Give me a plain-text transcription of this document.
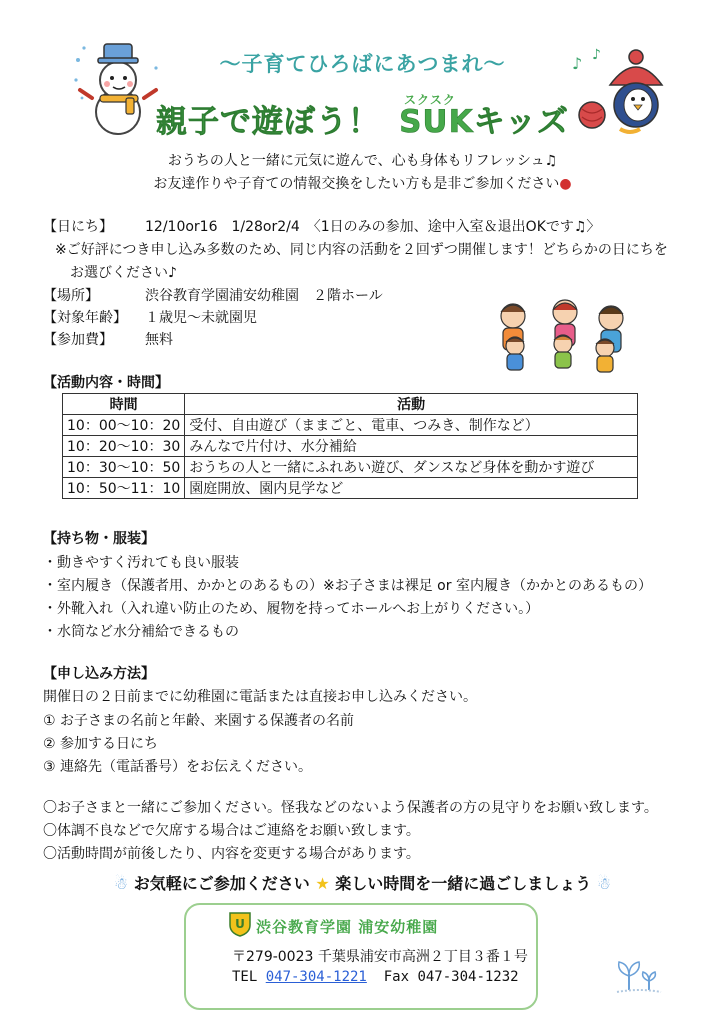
♪ ♪
～子育てひろばにあつまれ～
スクスク
親子で遊ぼう！ SUKキッズ
おうちの人と一緒に元気に遊んで、心も身体もリフレッシュ♫
お友達作りや子育ての情報交換をしたい方も是非ご参加ください●
【日にち】 12/10or16　1/28or2/4　〈1日のみの参加、途中入室＆退出OKです♫〉
※ご好評につき申し込み多数のため、同じ内容の活動を２回ずつ開催します！どちらかの日にちを
お選びください♪
【場所】	渋谷教育学園浦安幼稚園　２階ホール
【対象年齢】 １歳児～未就園児
【参加費】 無料
【活動内容・時間】
時間	活動
10：00～10：20	受付、自由遊び（ままごと、電車、つみき、制作など）
10：20～10：30	みんなで片付け、水分補給
10：30～10：50	おうちの人と一緒にふれあい遊び、ダンスなど身体を動かす遊び
10：50～11：10	園庭開放、園内見学など
【持ち物・服装】
・動きやすく汚れても良い服装
・室内履き（保護者用、かかとのあるもの）※お子さまは裸足 or 室内履き（かかとのあるもの）
・外靴入れ（入れ違い防止のため、履物を持ってホールへお上がりください。）
・水筒など水分補給できるもの
【申し込み方法】
開催日の２日前までに幼稚園に電話または直接お申し込みください。
① お子さまの名前と年齢、来園する保護者の名前
② 参加する日にち
③ 連絡先（電話番号）をお伝えください。
〇お子さまと一緒にご参加ください。怪我などのないよう保護者の方の見守りをお願い致します。
〇体調不良などで欠席する場合はご連絡をお願い致します。
〇活動時間が前後したり、内容を変更する場合があります。
☃ お気軽にご参加ください ★ 楽しい時間を一緒に過ごしましょう ☃
U 渋谷教育学園 浦安幼稚園
〒279-0023 千葉県浦安市高洲２丁目３番１号
TEL 047-304-1221  Fax 047-304-1232
